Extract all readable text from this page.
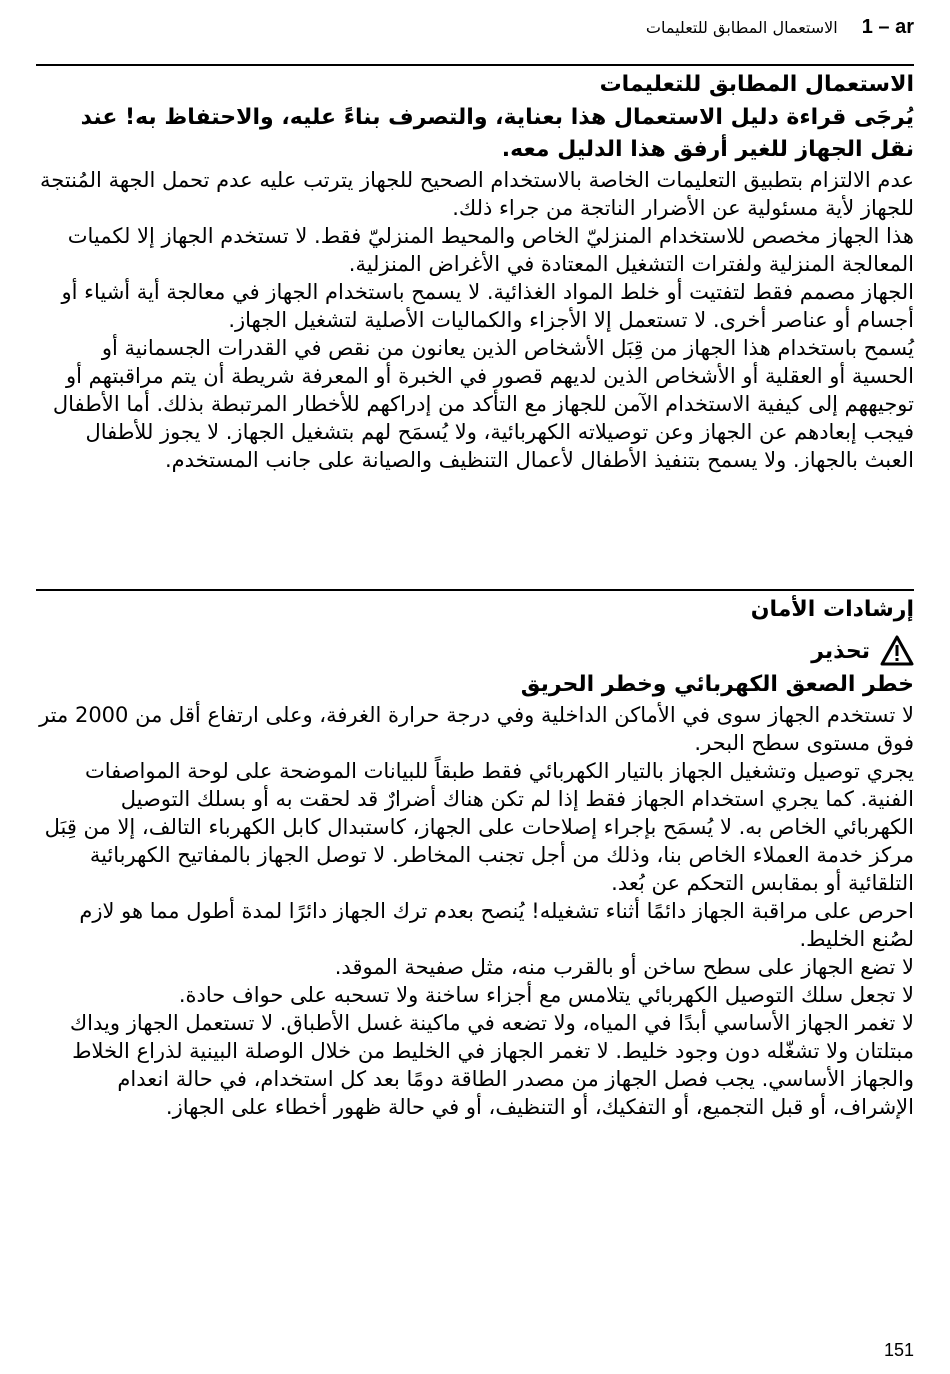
1 – ar
الاستعمال المطابق للتعليمات
الاستعمال المطابق للتعليمات

يُرجَى قراءة دليل الاستعمال هذا بعناية، والتصرف بناءً عليه، والاحتفاظ به! عند نقل الجهاز للغير أرفق هذا الدليل معه.

عدم الالتزام بتطبيق التعليمات الخاصة بالاستخدام الصحيح للجهاز يترتب عليه عدم تحمل الجهة المُنتجة للجهاز لأية مسئولية عن الأضرار الناتجة من جراء ذلك.

هذا الجهاز مخصص للاستخدام المنزليّ الخاص والمحيط المنزليّ فقط. لا تستخدم الجهاز إلا لكميات المعالجة المنزلية ولفترات التشغيل المعتادة في الأغراض المنزلية.

الجهاز مصمم فقط لتفتيت أو خلط المواد الغذائية. لا يسمح باستخدام الجهاز في معالجة أية أشياء أو أجسام أو عناصر أخرى. لا تستعمل إلا الأجزاء والكماليات الأصلية لتشغيل الجهاز.

يُسمح باستخدام هذا الجهاز من قِبَل الأشخاص الذين يعانون من نقص في القدرات الجسمانية أو الحسية أو العقلية أو الأشخاص الذين لديهم قصور في الخبرة أو المعرفة شريطة أن يتم مراقبتهم أو توجيههم إلى كيفية الاستخدام الآمن للجهاز مع التأكد من إدراكهم للأخطار المرتبطة بذلك. أما الأطفال فيجب إبعادهم عن الجهاز وعن توصيلاته الكهربائية، ولا يُسمَح لهم بتشغيل الجهاز. لا يجوز للأطفال العبث بالجهاز. ولا يسمح بتنفيذ الأطفال لأعمال التنظيف والصيانة على جانب المستخدم.

إرشادات الأمان
تحذير
خطر الصعق الكهربائي وخطر الحريق

لا تستخدم الجهاز سوى في الأماكن الداخلية وفي درجة حرارة الغرفة، وعلى ارتفاع أقل من 2000 متر فوق مستوى سطح البحر.

يجري توصيل وتشغيل الجهاز بالتيار الكهربائي فقط طبقاً للبيانات الموضحة على لوحة المواصفات الفنية. كما يجري استخدام الجهاز فقط إذا لم تكن هناك أضرارٌ قد لحقت به أو بسلك التوصيل الكهربائي الخاص به. لا يُسمَح بإجراء إصلاحات على الجهاز، كاستبدال كابل الكهرباء التالف، إلا من قِبَل مركز خدمة العملاء الخاص بنا، وذلك من أجل تجنب المخاطر. لا توصل الجهاز بالمفاتيح الكهربائية التلقائية أو بمقابس التحكم عن بُعد.

احرص على مراقبة الجهاز دائمًا أثناء تشغيله! يُنصح بعدم ترك الجهاز دائرًا لمدة أطول مما هو لازم لصُنع الخليط.

لا تضع الجهاز على سطح ساخن أو بالقرب منه، مثل صفيحة الموقد.

لا تجعل سلك التوصيل الكهربائي يتلامس مع أجزاء ساخنة ولا تسحبه على حواف حادة.

لا تغمر الجهاز الأساسي أبدًا في المياه، ولا تضعه في ماكينة غسل الأطباق. لا تستعمل الجهاز ويداك مبتلتان ولا تشغّله دون وجود خليط. لا تغمر الجهاز في الخليط من خلال الوصلة البينية لذراع الخلاط والجهاز الأساسي. يجب فصل الجهاز من مصدر الطاقة دومًا بعد كل استخدام، في حالة انعدام الإشراف، أو قبل التجميع، أو التفكيك، أو التنظيف، أو في حالة ظهور أخطاء على الجهاز.

151
